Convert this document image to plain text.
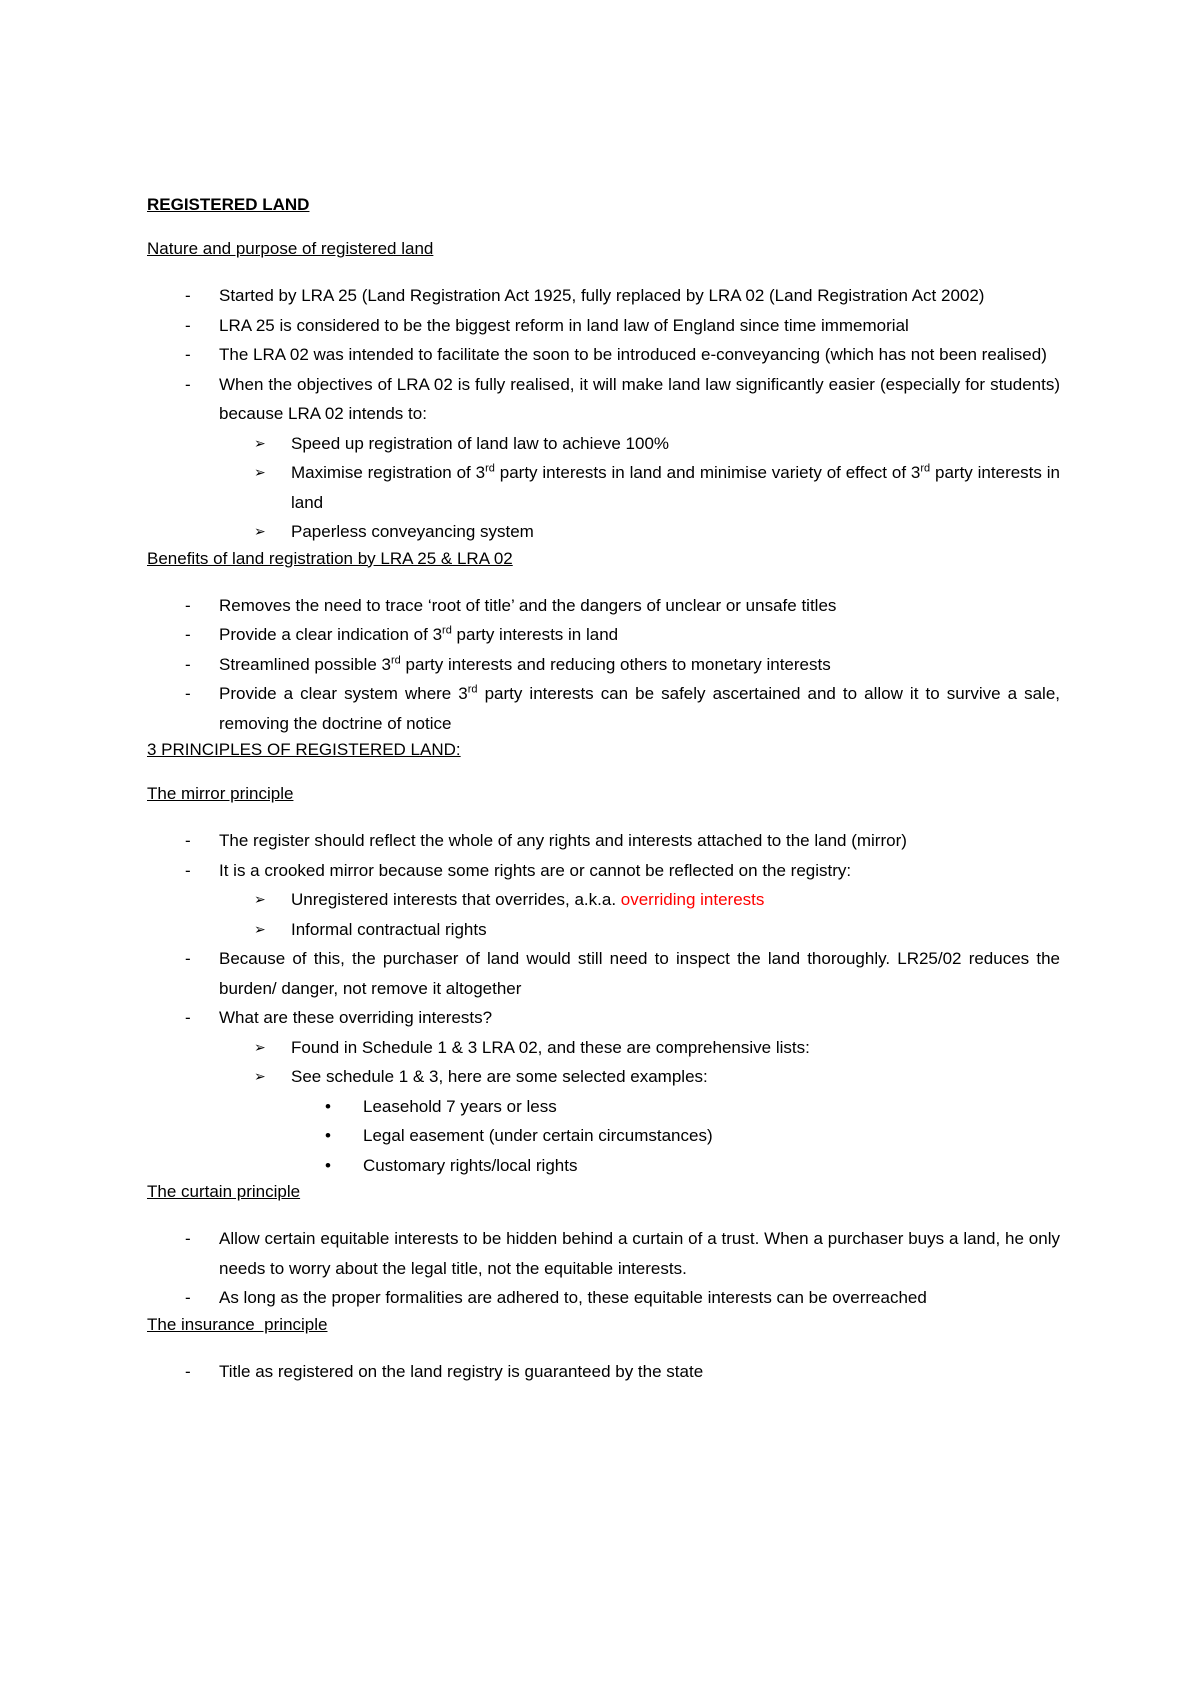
REGISTERED LAND
Nature and purpose of registered land
- Started by LRA 25 (Land Registration Act 1925, fully replaced by LRA 02 (Land Registration Act 2002)
- LRA 25 is considered to be the biggest reform in land law of England since time immemorial
- The LRA 02 was intended to facilitate the soon to be introduced e-conveyancing (which has not been realised)
- When the objectives of LRA 02 is fully realised, it will make land law significantly easier (especially for students) because LRA 02 intends to:
➢ Speed up registration of land law to achieve 100%
➢ Maximise registration of 3rd party interests in land and minimise variety of effect of 3rd party interests in land
➢ Paperless conveyancing system
Benefits of land registration by LRA 25 & LRA 02
- Removes the need to trace ‘root of title’ and the dangers of unclear or unsafe titles
- Provide a clear indication of 3rd party interests in land
- Streamlined possible 3rd party interests and reducing others to monetary interests
- Provide a clear system where 3rd party interests can be safely ascertained and to allow it to survive a sale, removing the doctrine of notice
3 PRINCIPLES OF REGISTERED LAND:
The mirror principle
- The register should reflect the whole of any rights and interests attached to the land (mirror)
- It is a crooked mirror because some rights are or cannot be reflected on the registry:
➢ Unregistered interests that overrides, a.k.a. overriding interests
➢ Informal contractual rights
- Because of this, the purchaser of land would still need to inspect the land thoroughly. LR25/02 reduces the burden/ danger, not remove it altogether
- What are these overriding interests?
➢ Found in Schedule 1 & 3 LRA 02, and these are comprehensive lists:
➢ See schedule 1 & 3, here are some selected examples:
• Leasehold 7 years or less
• Legal easement (under certain circumstances)
• Customary rights/local rights
The curtain principle
- Allow certain equitable interests to be hidden behind a curtain of a trust. When a purchaser buys a land, he only needs to worry about the legal title, not the equitable interests.
- As long as the proper formalities are adhered to, these equitable interests can be overreached
The insurance  principle
- Title as registered on the land registry is guaranteed by the state
